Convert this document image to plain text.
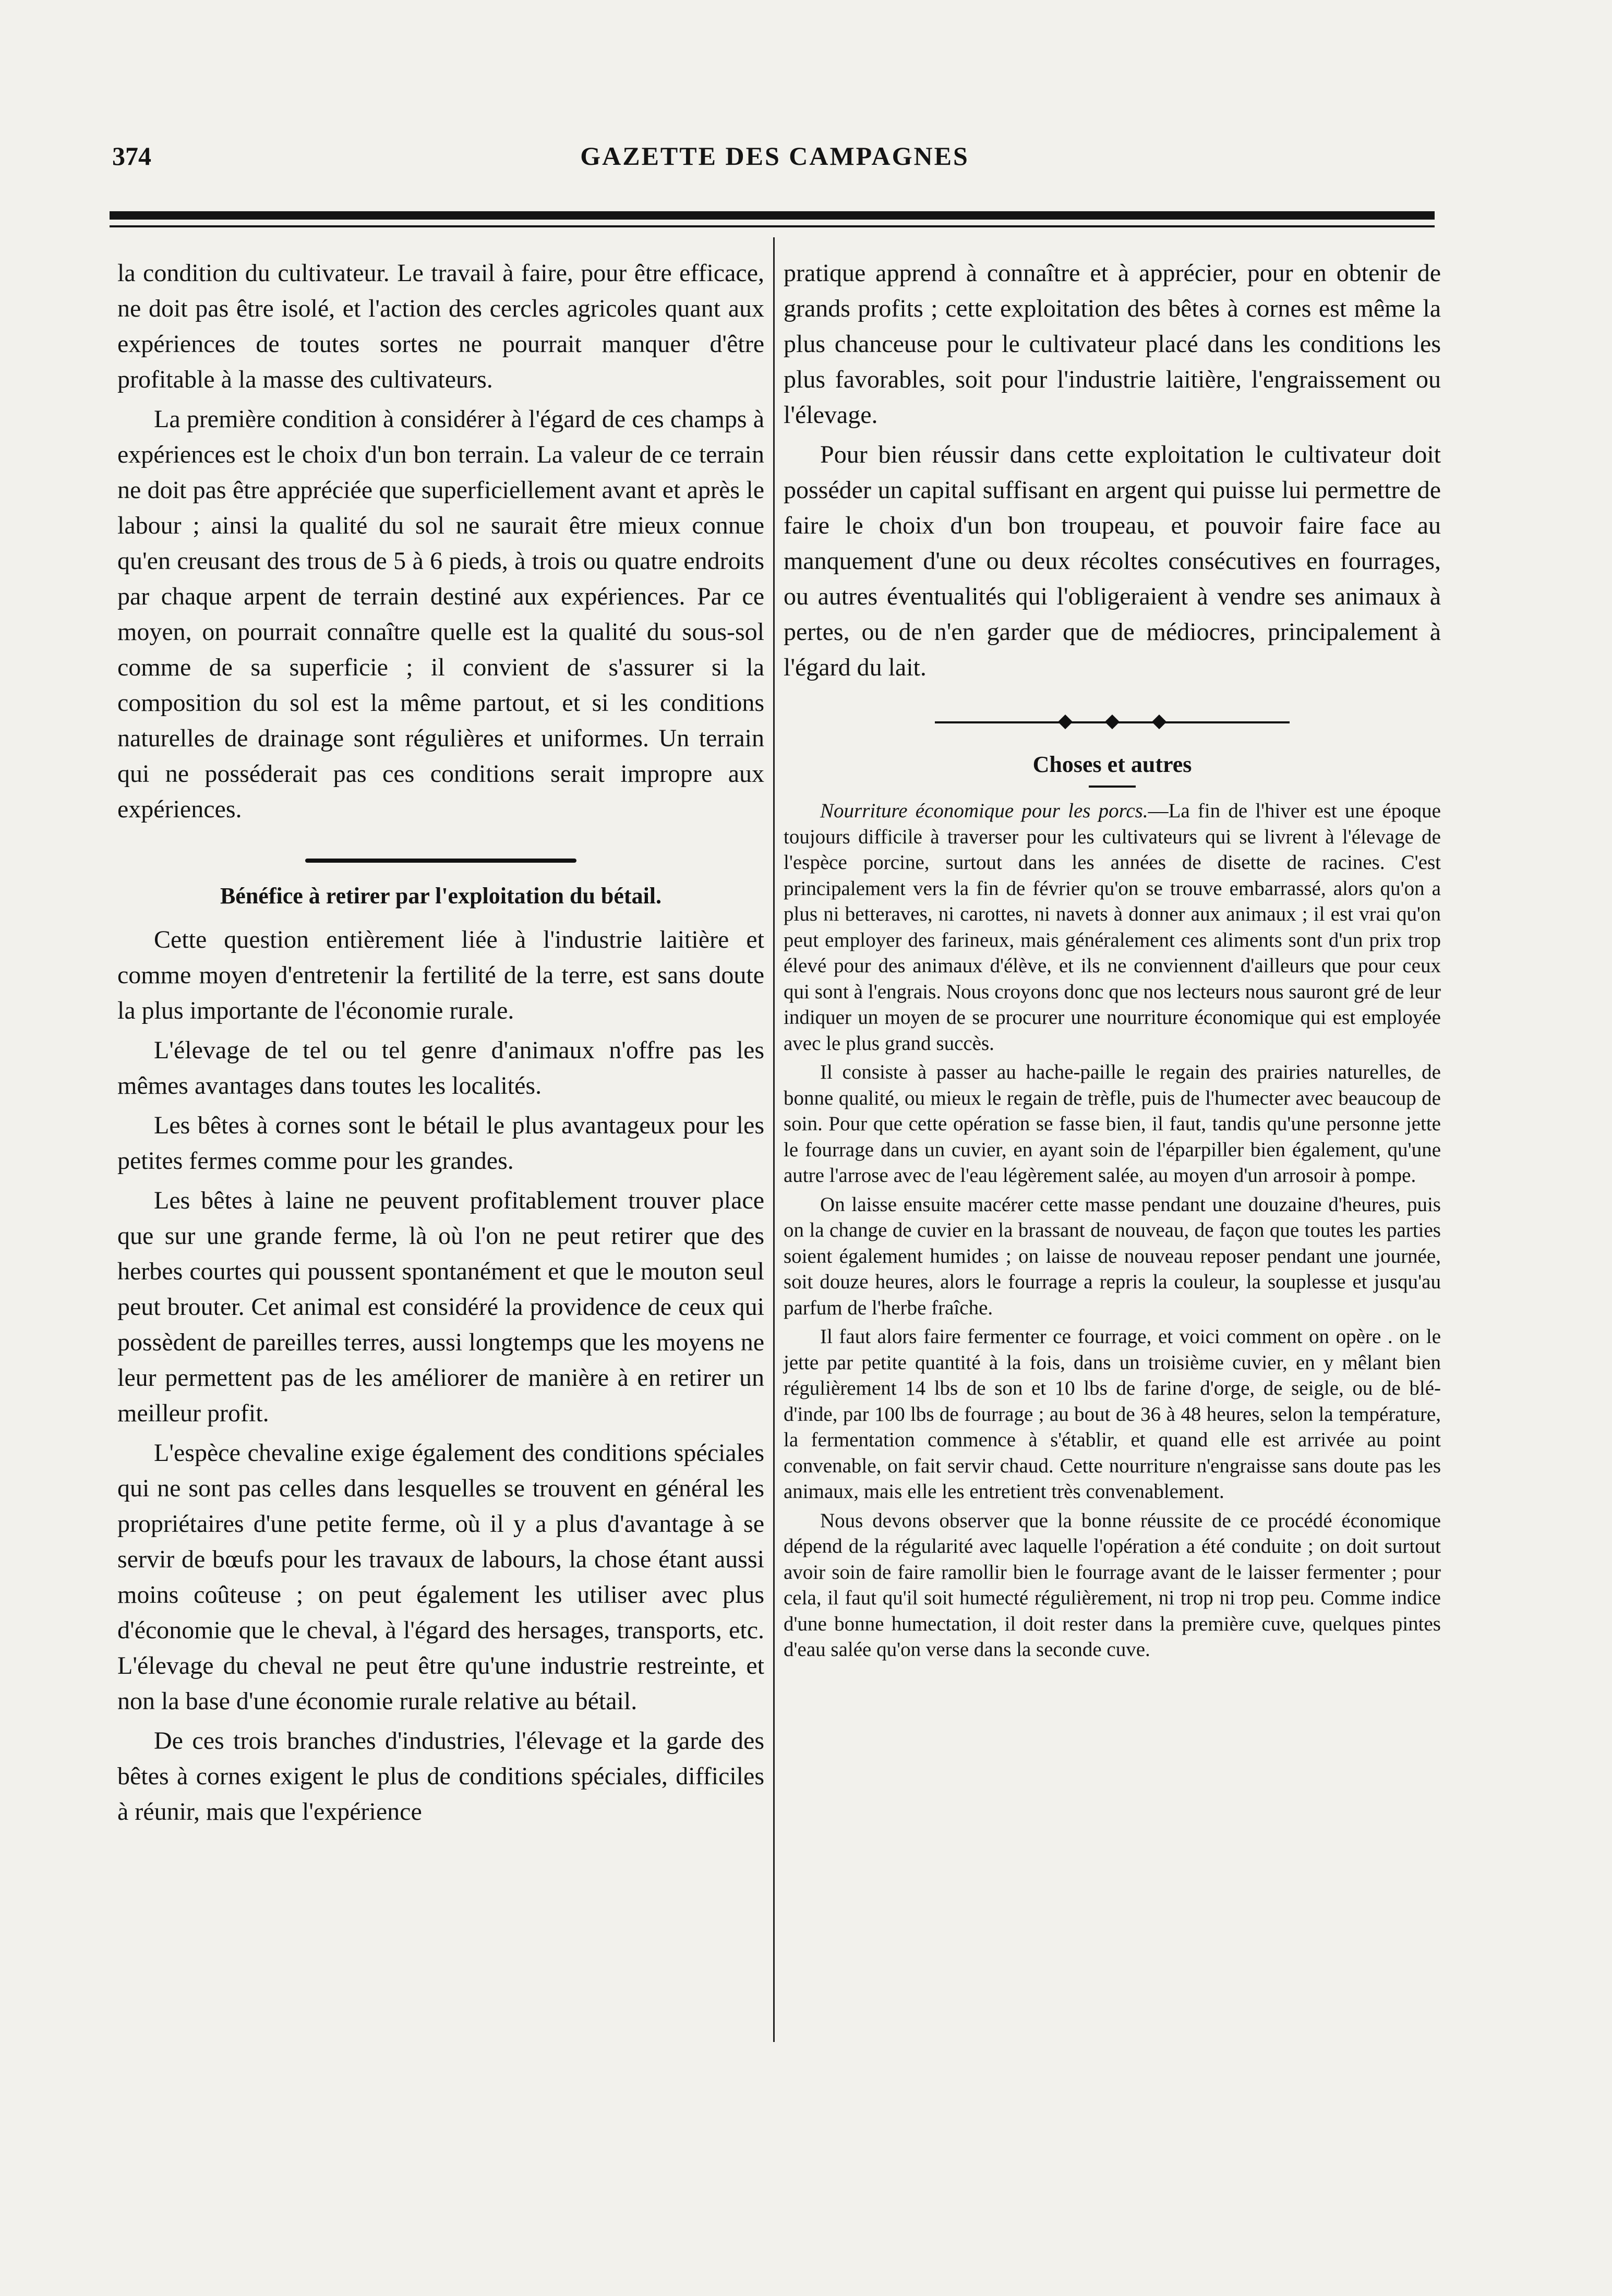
374	GAZETTE DES CAMPAGNES

la condition du cultivateur. Le travail à faire, pour être efficace, ne doit pas être isolé, et l'action des cercles agricoles quant aux expériences de toutes sortes ne pourrait manquer d'être profitable à la masse des cultivateurs.

La première condition à considérer à l'égard de ces champs à expériences est le choix d'un bon terrain. La valeur de ce terrain ne doit pas être appréciée que superficiellement avant et après le labour ; ainsi la qualité du sol ne saurait être mieux connue qu'en creusant des trous de 5 à 6 pieds, à trois ou quatre endroits par chaque arpent de terrain destiné aux expériences. Par ce moyen, on pourrait connaître quelle est la qualité du sous-sol comme de sa superficie ; il convient de s'assurer si la composition du sol est la même partout, et si les conditions naturelles de drainage sont régulières et uniformes. Un terrain qui ne posséderait pas ces conditions serait impropre aux expériences.

Bénéfice à retirer par l'exploitation du bétail.

Cette question entièrement liée à l'industrie laitière et comme moyen d'entretenir la fertilité de la terre, est sans doute la plus importante de l'économie rurale.

L'élevage de tel ou tel genre d'animaux n'offre pas les mêmes avantages dans toutes les localités.

Les bêtes à cornes sont le bétail le plus avantageux pour les petites fermes comme pour les grandes.

Les bêtes à laine ne peuvent profitablement trouver place que sur une grande ferme, là où l'on ne peut retirer que des herbes courtes qui poussent spontanément et que le mouton seul peut brouter. Cet animal est considéré la providence de ceux qui possèdent de pareilles terres, aussi longtemps que les moyens ne leur permettent pas de les améliorer de manière à en retirer un meilleur profit.

L'espèce chevaline exige également des conditions spéciales qui ne sont pas celles dans lesquelles se trouvent en général les propriétaires d'une petite ferme, où il y a plus d'avantage à se servir de bœufs pour les travaux de labours, la chose étant aussi moins coûteuse ; on peut également les utiliser avec plus d'économie que le cheval, à l'égard des hersages, transports, etc. L'élevage du cheval ne peut être qu'une industrie restreinte, et non la base d'une économie rurale relative au bétail.

De ces trois branches d'industries, l'élevage et la garde des bêtes à cornes exigent le plus de conditions spéciales, difficiles à réunir, mais que l'expérience

pratique apprend à connaître et à apprécier, pour en obtenir de grands profits ; cette exploitation des bêtes à cornes est même la plus chanceuse pour le cultivateur placé dans les conditions les plus favorables, soit pour l'industrie laitière, l'engraissement ou l'élevage.

Pour bien réussir dans cette exploitation le cultivateur doit posséder un capital suffisant en argent qui puisse lui permettre de faire le choix d'un bon troupeau, et pouvoir faire face au manquement d'une ou deux récoltes consécutives en fourrages, ou autres éventualités qui l'obligeraient à vendre ses animaux à pertes, ou de n'en garder que de médiocres, principalement à l'égard du lait.

Choses et autres

Nourriture économique pour les porcs.—La fin de l'hiver est une époque toujours difficile à traverser pour les cultivateurs qui se livrent à l'élevage de l'espèce porcine, surtout dans les années de disette de racines. C'est principalement vers la fin de février qu'on se trouve embarrassé, alors qu'on a plus ni betteraves, ni carottes, ni navets à donner aux animaux ; il est vrai qu'on peut employer des farineux, mais généralement ces aliments sont d'un prix trop élevé pour des animaux d'élève, et ils ne conviennent d'ailleurs que pour ceux qui sont à l'engrais. Nous croyons donc que nos lecteurs nous sauront gré de leur indiquer un moyen de se procurer une nourriture économique qui est employée avec le plus grand succès.

Il consiste à passer au hache-paille le regain des prairies naturelles, de bonne qualité, ou mieux le regain de trèfle, puis de l'humecter avec beaucoup de soin. Pour que cette opération se fasse bien, il faut, tandis qu'une personne jette le fourrage dans un cuvier, en ayant soin de l'éparpiller bien également, qu'une autre l'arrose avec de l'eau légèrement salée, au moyen d'un arrosoir à pompe.

On laisse ensuite macérer cette masse pendant une douzaine d'heures, puis on la change de cuvier en la brassant de nouveau, de façon que toutes les parties soient également humides ; on laisse de nouveau reposer pendant une journée, soit douze heures, alors le fourrage a repris la couleur, la souplesse et jusqu'au parfum de l'herbe fraîche.

Il faut alors faire fermenter ce fourrage, et voici comment on opère . on le jette par petite quantité à la fois, dans un troisième cuvier, en y mêlant bien régulièrement 14 lbs de son et 10 lbs de farine d'orge, de seigle, ou de blé-d'inde, par 100 lbs de fourrage ; au bout de 36 à 48 heures, selon la température, la fermentation commence à s'établir, et quand elle est arrivée au point convenable, on fait servir chaud. Cette nourriture n'engraisse sans doute pas les animaux, mais elle les entretient très convenablement.

Nous devons observer que la bonne réussite de ce procédé économique dépend de la régularité avec laquelle l'opération a été conduite ; on doit surtout avoir soin de faire ramollir bien le fourrage avant de le laisser fermenter ; pour cela, il faut qu'il soit humecté régulièrement, ni trop ni trop peu. Comme indice d'une bonne humectation, il doit rester dans la première cuve, quelques pintes d'eau salée qu'on verse dans la seconde cuve.
